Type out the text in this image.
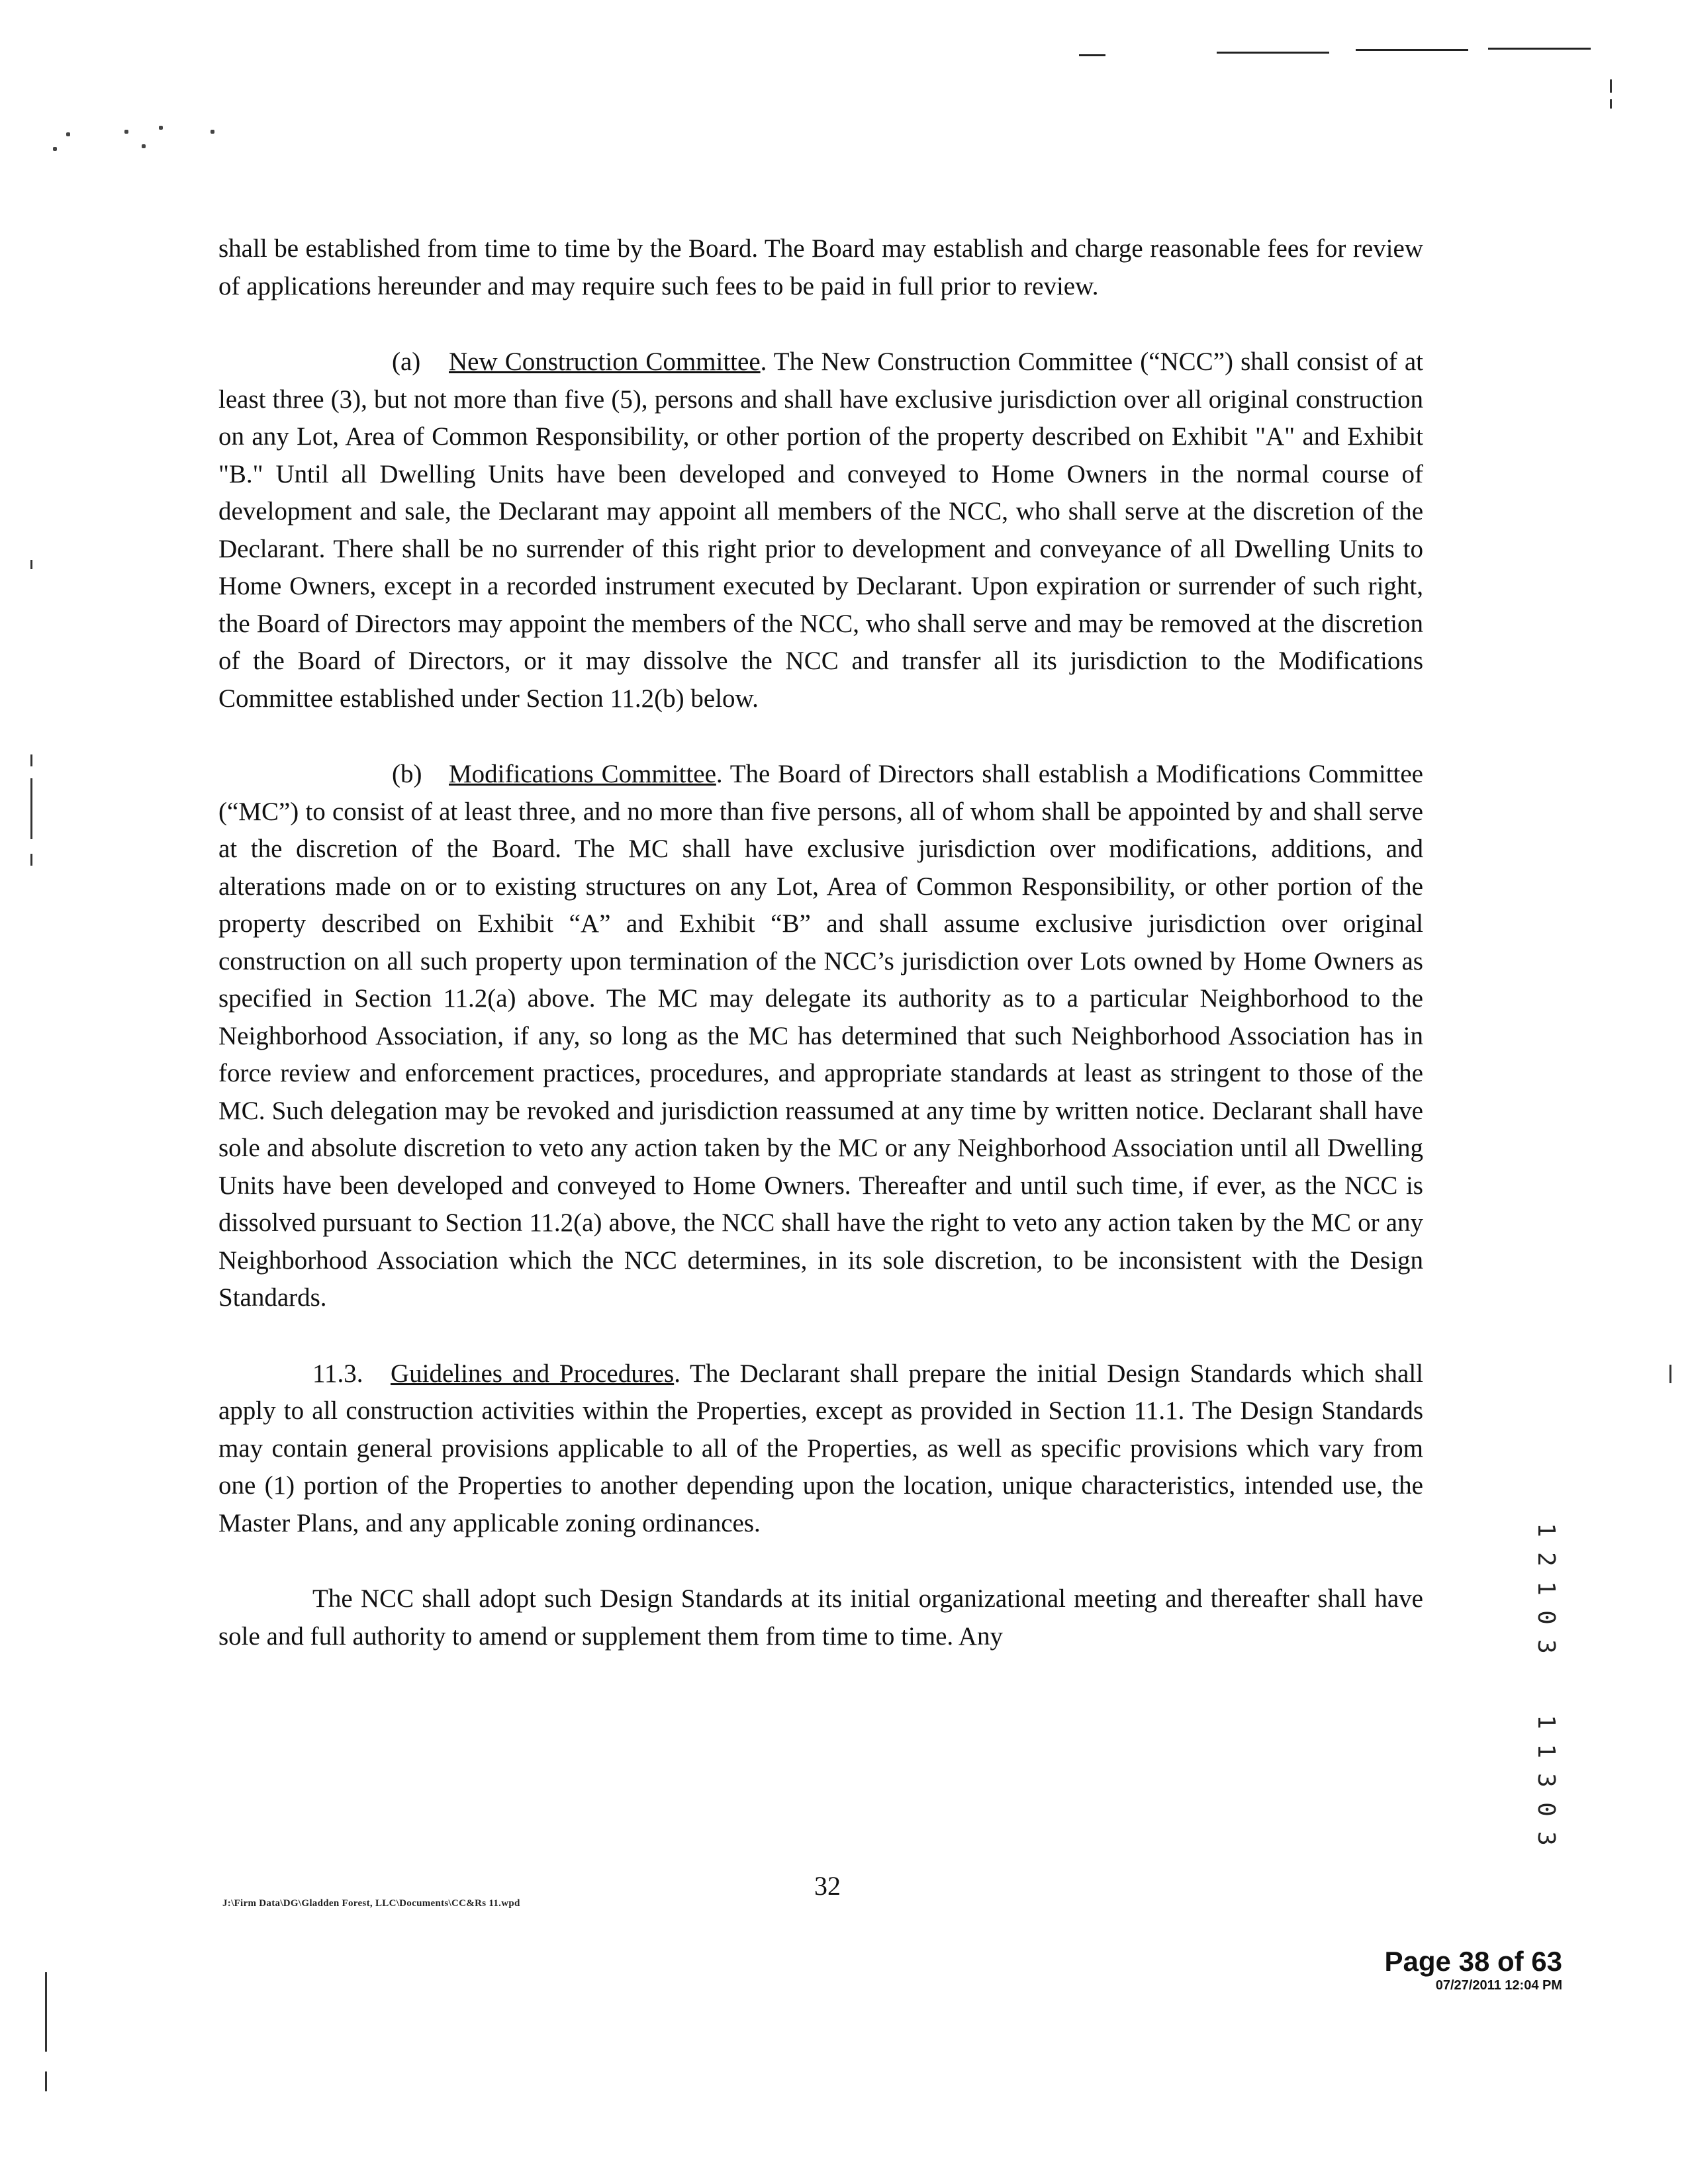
shall be established from time to time by the Board. The Board may establish and charge reasonable fees for review of applications hereunder and may require such fees to be paid in full prior to review.

(a) New Construction Committee. The New Construction Committee (“NCC”) shall consist of at least three (3), but not more than five (5), persons and shall have exclusive jurisdiction over all original construction on any Lot, Area of Common Responsibility, or other portion of the property described on Exhibit "A" and Exhibit "B." Until all Dwelling Units have been developed and conveyed to Home Owners in the normal course of development and sale, the Declarant may appoint all members of the NCC, who shall serve at the discretion of the Declarant. There shall be no surrender of this right prior to development and conveyance of all Dwelling Units to Home Owners, except in a recorded instrument executed by Declarant. Upon expiration or surrender of such right, the Board of Directors may appoint the members of the NCC, who shall serve and may be removed at the discretion of the Board of Directors, or it may dissolve the NCC and transfer all its jurisdiction to the Modifications Committee established under Section 11.2(b) below.

(b) Modifications Committee. The Board of Directors shall establish a Modifications Committee (“MC”) to consist of at least three, and no more than five persons, all of whom shall be appointed by and shall serve at the discretion of the Board. The MC shall have exclusive jurisdiction over modifications, additions, and alterations made on or to existing structures on any Lot, Area of Common Responsibility, or other portion of the property described on Exhibit “A” and Exhibit “B” and shall assume exclusive jurisdiction over original construction on all such property upon termination of the NCC’s jurisdiction over Lots owned by Home Owners as specified in Section 11.2(a) above. The MC may delegate its authority as to a particular Neighborhood to the Neighborhood Association, if any, so long as the MC has determined that such Neighborhood Association has in force review and enforcement practices, procedures, and appropriate standards at least as stringent to those of the MC. Such delegation may be revoked and jurisdiction reassumed at any time by written notice. Declarant shall have sole and absolute discretion to veto any action taken by the MC or any Neighborhood Association until all Dwelling Units have been developed and conveyed to Home Owners. Thereafter and until such time, if ever, as the NCC is dissolved pursuant to Section 11.2(a) above, the NCC shall have the right to veto any action taken by the MC or any Neighborhood Association which the NCC determines, in its sole discretion, to be inconsistent with the Design Standards.

11.3. Guidelines and Procedures. The Declarant shall prepare the initial Design Standards which shall apply to all construction activities within the Properties, except as provided in Section 11.1. The Design Standards may contain general provisions applicable to all of the Properties, as well as specific provisions which vary from one (1) portion of the Properties to another depending upon the location, unique characteristics, intended use, the Master Plans, and any applicable zoning ordinances.

The NCC shall adopt such Design Standards at its initial organizational meeting and thereafter shall have sole and full authority to amend or supplement them from time to time. Any

32
J:\Firm Data\DG\Gladden Forest, LLC\Documents\CC&Rs 11.wpd
1
2
1
0
3
1
1
3
0
3
Page 38 of 63
07/27/2011 12:04 PM
